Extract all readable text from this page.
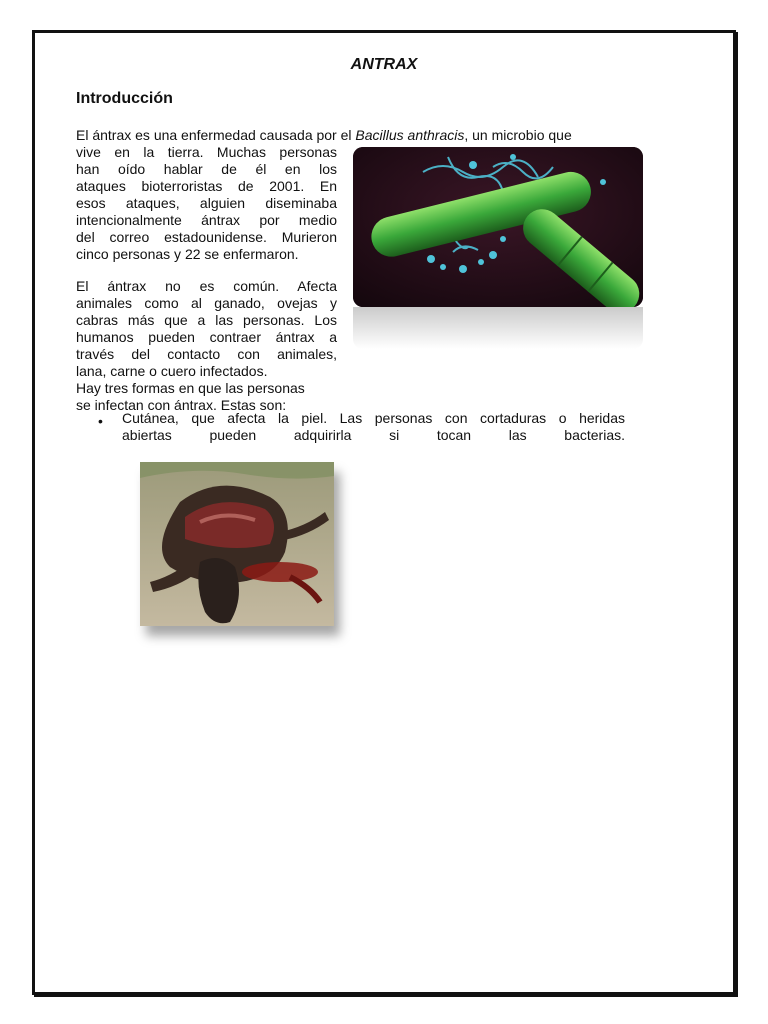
ANTRAX
Introducción
El ántrax es una enfermedad causada por el Bacillus anthracis, un microbio que
vive en la tierra. Muchas personas
han oído hablar de él en los
ataques bioterroristas de 2001. En
esos ataques, alguien diseminaba
intencionalmente ántrax por medio
del correo estadounidense. Murieron
cinco personas y 22 se enfermaron.
El ántrax no es común. Afecta
animales como al ganado, ovejas y
cabras más que a las personas. Los
humanos pueden contraer ántrax a
través del contacto con animales,
lana, carne o cuero infectados.
Hay tres formas en que las personas
se infectan con ántrax. Estas son:
• Cutánea, que afecta la piel. Las personas con cortaduras o heridas
abiertas pueden adquirirla si tocan las bacterias.
